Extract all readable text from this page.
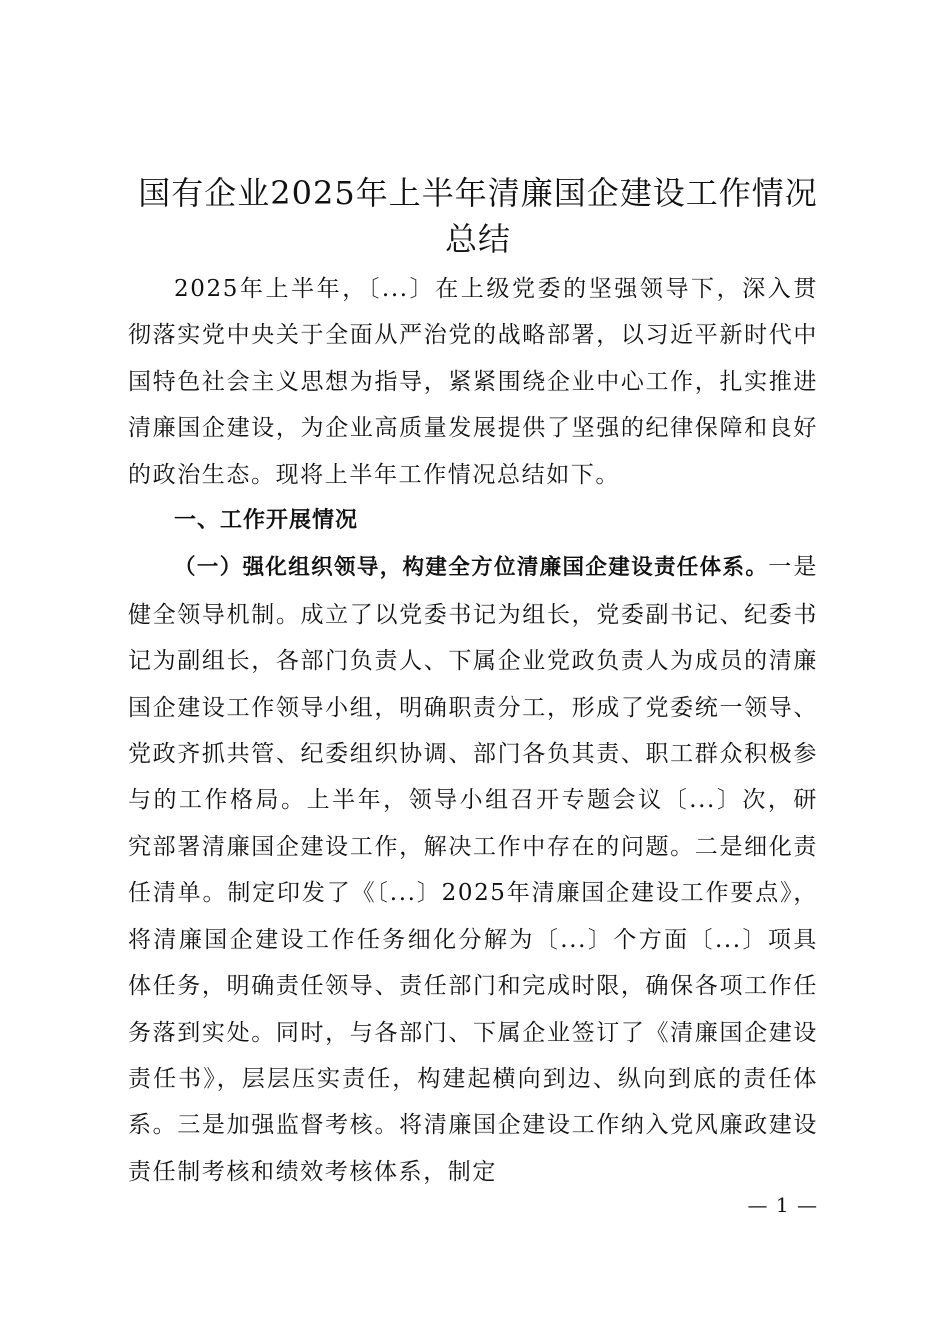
国有企业2025年上半年清廉国企建设工作情况总结

2025年上半年，〔...〕在上级党委的坚强领导下，深入贯彻落实党中央关于全面从严治党的战略部署，以习近平新时代中国特色社会主义思想为指导，紧紧围绕企业中心工作，扎实推进清廉国企建设，为企业高质量发展提供了坚强的纪律保障和良好的政治生态。现将上半年工作情况总结如下。

一、工作开展情况

（一）强化组织领导，构建全方位清廉国企建设责任体系。一是健全领导机制。成立了以党委书记为组长，党委副书记、纪委书记为副组长，各部门负责人、下属企业党政负责人为成员的清廉国企建设工作领导小组，明确职责分工，形成了党委统一领导、党政齐抓共管、纪委组织协调、部门各负其责、职工群众积极参与的工作格局。上半年，领导小组召开专题会议〔...〕次，研究部署清廉国企建设工作，解决工作中存在的问题。二是细化责任清单。制定印发了《〔...〕2025年清廉国企建设工作要点》，将清廉国企建设工作任务细化分解为〔...〕个方面〔...〕项具体任务，明确责任领导、责任部门和完成时限，确保各项工作任务落到实处。同时，与各部门、下属企业签订了《清廉国企建设责任书》，层层压实责任，构建起横向到边、纵向到底的责任体系。三是加强监督考核。将清廉国企建设工作纳入党风廉政建设责任制考核和绩效考核体系，制定

— 1 —
